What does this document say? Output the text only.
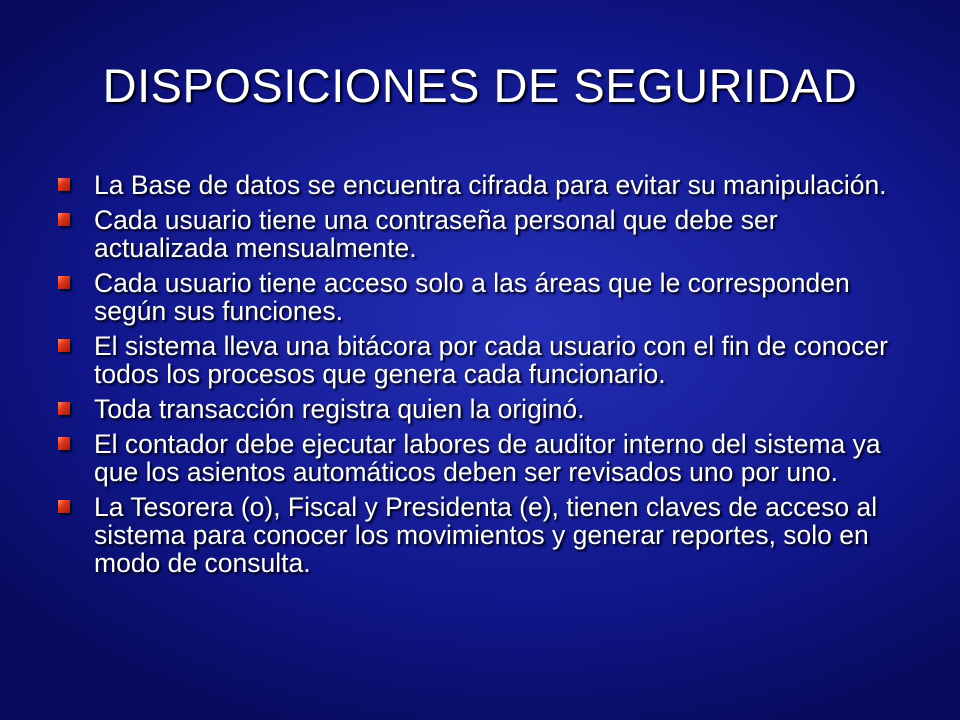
DISPOSICIONES DE SEGURIDAD
La Base de datos se encuentra cifrada para evitar su manipulación.
Cada usuario tiene una contraseña personal que debe ser actualizada mensualmente.
Cada usuario tiene acceso solo a las áreas que le corresponden según sus funciones.
El sistema lleva una bitácora por cada usuario con el fin de conocer todos los procesos que genera cada funcionario.
Toda transacción registra quien la originó.
El contador debe ejecutar labores de auditor interno del sistema ya que los asientos automáticos deben ser revisados uno por uno.
La Tesorera (o), Fiscal y Presidenta (e), tienen claves de acceso al sistema para conocer los movimientos y generar reportes, solo en modo de consulta.
